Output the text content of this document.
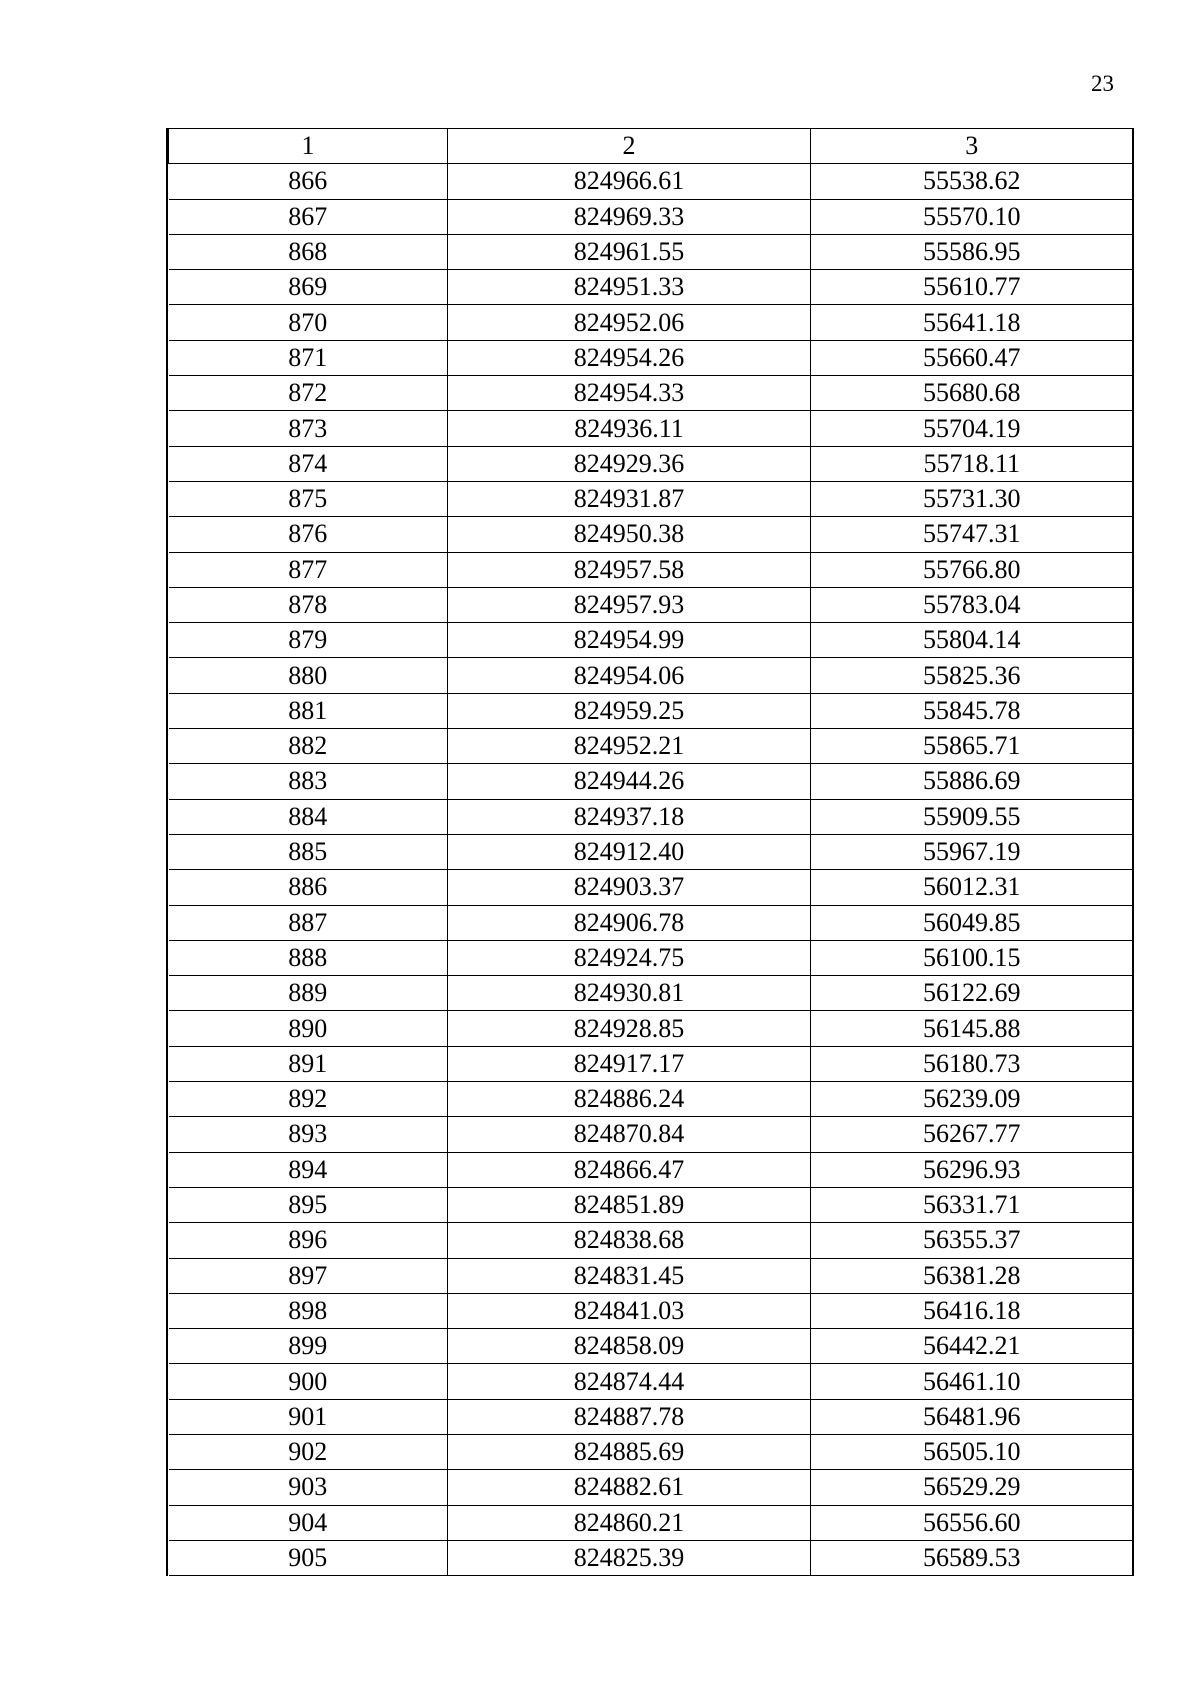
23
1	2	3
866	824966.61	55538.62
867	824969.33	55570.10
868	824961.55	55586.95
869	824951.33	55610.77
870	824952.06	55641.18
871	824954.26	55660.47
872	824954.33	55680.68
873	824936.11	55704.19
874	824929.36	55718.11
875	824931.87	55731.30
876	824950.38	55747.31
877	824957.58	55766.80
878	824957.93	55783.04
879	824954.99	55804.14
880	824954.06	55825.36
881	824959.25	55845.78
882	824952.21	55865.71
883	824944.26	55886.69
884	824937.18	55909.55
885	824912.40	55967.19
886	824903.37	56012.31
887	824906.78	56049.85
888	824924.75	56100.15
889	824930.81	56122.69
890	824928.85	56145.88
891	824917.17	56180.73
892	824886.24	56239.09
893	824870.84	56267.77
894	824866.47	56296.93
895	824851.89	56331.71
896	824838.68	56355.37
897	824831.45	56381.28
898	824841.03	56416.18
899	824858.09	56442.21
900	824874.44	56461.10
901	824887.78	56481.96
902	824885.69	56505.10
903	824882.61	56529.29
904	824860.21	56556.60
905	824825.39	56589.53
